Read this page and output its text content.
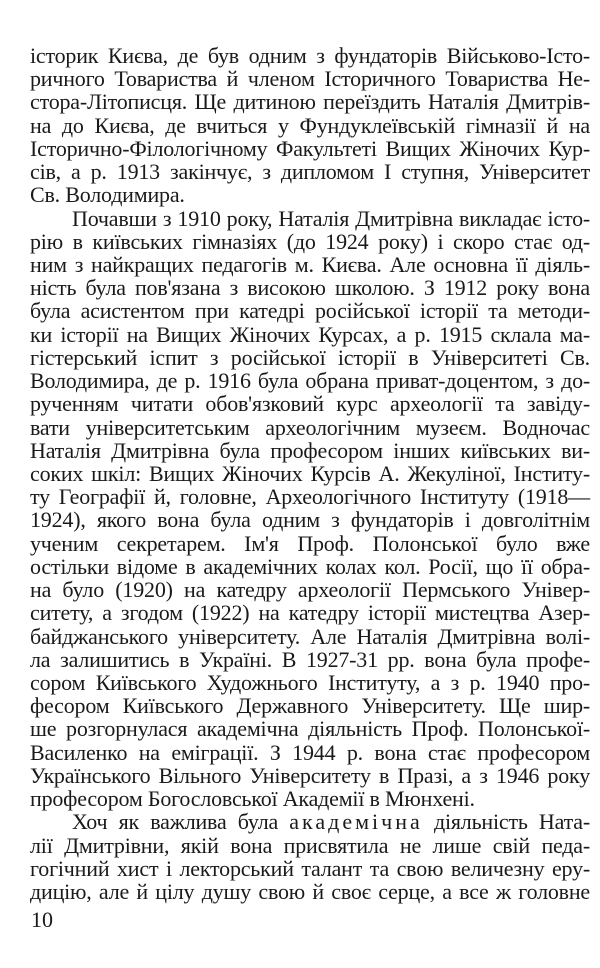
історик Києва, де був одним з фундаторів Військово-Істо-
ричного Товариства й членом Історичного Товариства Не-
стора-Літописця. Ще дитиною переїздить Наталія Дмитрів-
на до Києва, де вчиться у Фундуклеївській гімназії й на
Історично-Філологічному Факультеті Вищих Жіночих Кур-
сів, а р. 1913 закінчує, з дипломом І ступня, Університет
Св. Володимира.
Почавши з 1910 року, Наталія Дмитрівна викладає істо-
рію в київських гімназіях (до 1924 року) і скоро стає од-
ним з найкращих педагогів м. Києва. Але основна її діяль-
ність була пов'язана з високою школою. З 1912 року вона
була асистентом при катедрі російської історії та методи-
ки історії на Вищих Жіночих Курсах, а р. 1915 склала ма-
гістерський іспит з російської історії в Університеті Св.
Володимира, де р. 1916 була обрана приват-доцентом, з до-
рученням читати обов'язковий курс археології та завіду-
вати університетським археологічним музеєм. Водночас
Наталія Дмитрівна була професором інших київських ви-
соких шкіл: Вищих Жіночих Курсів А. Жекуліної, Інститу-
ту Географії й, головне, Археологічного Інституту (1918—
1924), якого вона була одним з фундаторів і довголітнім
ученим секретарем. Ім'я Проф. Полонської було вже
остільки відоме в академічних колах кол. Росії, що її обра-
на було (1920) на катедру археології Пермського Універ-
ситету, а згодом (1922) на катедру історії мистецтва Азер-
байджанського університету. Але Наталія Дмитрівна волі-
ла залишитись в Україні. В 1927-31 рр. вона була профе-
сором Київського Художнього Інституту, а з р. 1940 про-
фесором Київського Державного Університету. Ще шир-
ше розгорнулася академічна діяльність Проф. Полонської-
Василенко на еміграції. З 1944 р. вона стає професором
Українського Вільного Університету в Празі, а з 1946 року
професором Богословської Академії в Мюнхені.
Хоч як важлива була академічна діяльність Ната-
лії Дмитрівни, якій вона присвятила не лише свій педа-
гогічний хист і лекторський талант та свою величезну еру-
дицію, але й цілу душу свою й своє серце, а все ж головне
10
